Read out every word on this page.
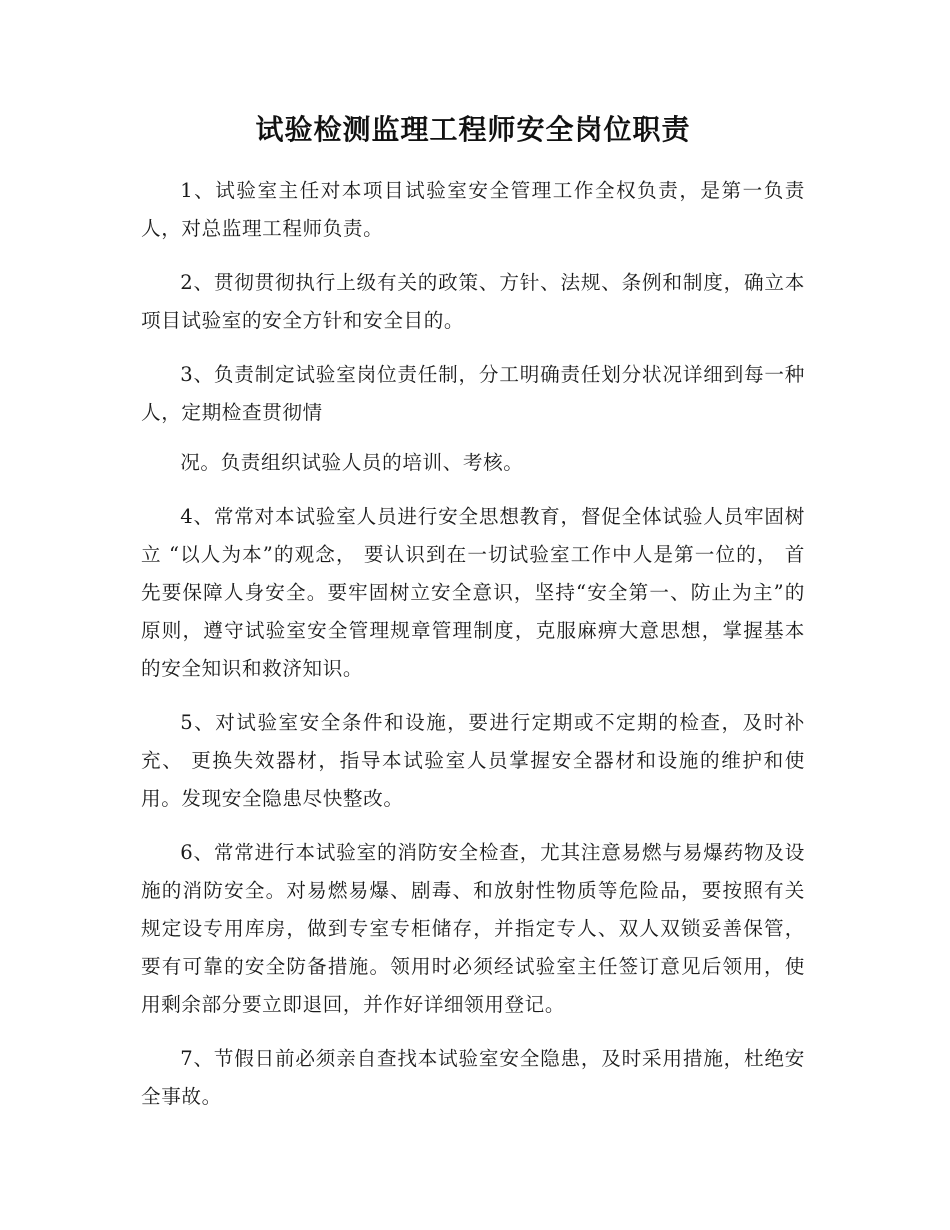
试验检测监理工程师安全岗位职责

1、试验室主任对本项目试验室安全管理工作全权负责，是第一负责人，对总监理工程师负责。

2、贯彻贯彻执行上级有关的政策、方针、法规、条例和制度，确立本项目试验室的安全方针和安全目的。

3、负责制定试验室岗位责任制，分工明确责任划分状况详细到每一种人，定期检查贯彻情

况。负责组织试验人员的培训、考核。

4、常常对本试验室人员进行安全思想教育，督促全体试验人员牢固树立 “以人为本”的观念， 要认识到在一切试验室工作中人是第一位的， 首先要保障人身安全。要牢固树立安全意识，坚持“安全第一、防止为主”的原则，遵守试验室安全管理规章管理制度，克服麻痹大意思想，掌握基本的安全知识和救济知识。

5、对试验室安全条件和设施，要进行定期或不定期的检查，及时补充、 更换失效器材，指导本试验室人员掌握安全器材和设施的维护和使用。发现安全隐患尽快整改。

6、常常进行本试验室的消防安全检查，尤其注意易燃与易爆药物及设施的消防安全。对易燃易爆、剧毒、和放射性物质等危险品，要按照有关规定设专用库房，做到专室专柜储存，并指定专人、双人双锁妥善保管，要有可靠的安全防备措施。领用时必须经试验室主任签订意见后领用，使用剩余部分要立即退回，并作好详细领用登记。

7、节假日前必须亲自查找本试验室安全隐患，及时采用措施，杜绝安全事故。
